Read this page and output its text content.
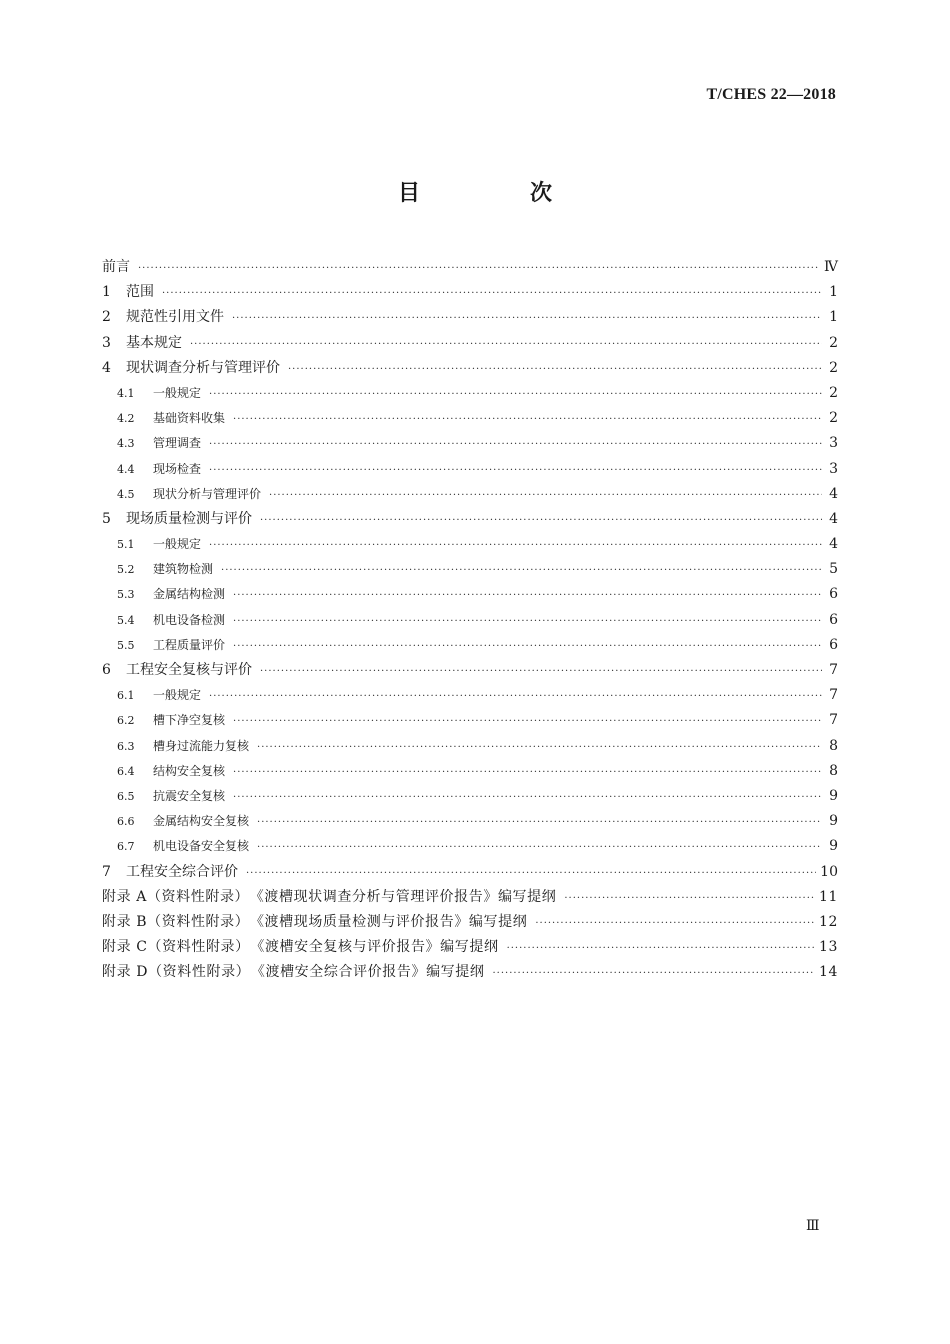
T/CHES 22—2018
目　次
前言 ·····	Ⅳ
1	范围 ·····	1
2	规范性引用文件 ·····	1
3	基本规定 ·····	2
4	现状调查分析与管理评价 ·····	2
4.1	一般规定 ·····	2
4.2	基础资料收集 ·····	2
4.3	管理调查 ·····	3
4.4	现场检查 ·····	3
4.5	现状分析与管理评价 ·····	4
5	现场质量检测与评价 ·····	4
5.1	一般规定 ·····	4
5.2	建筑物检测 ·····	5
5.3	金属结构检测 ·····	6
5.4	机电设备检测 ·····	6
5.5	工程质量评价 ·····	6
6	工程安全复核与评价 ·····	7
6.1	一般规定 ·····	7
6.2	槽下净空复核 ·····	7
6.3	槽身过流能力复核 ·····	8
6.4	结构安全复核 ·····	8
6.5	抗震安全复核 ·····	9
6.6	金属结构安全复核 ·····	9
6.7	机电设备安全复核 ·····	9
7	工程安全综合评价 ·····	10
附录 A（资料性附录）　《渡槽现状调查分析与管理评价报告》编写提纲 ·····	11
附录 B（资料性附录）　《渡槽现场质量检测与评价报告》编写提纲 ·····	12
附录 C（资料性附录）　《渡槽安全复核与评价报告》编写提纲 ·····	13
附录 D（资料性附录）　《渡槽安全综合评价报告》编写提纲 ·····	14
Ⅲ
